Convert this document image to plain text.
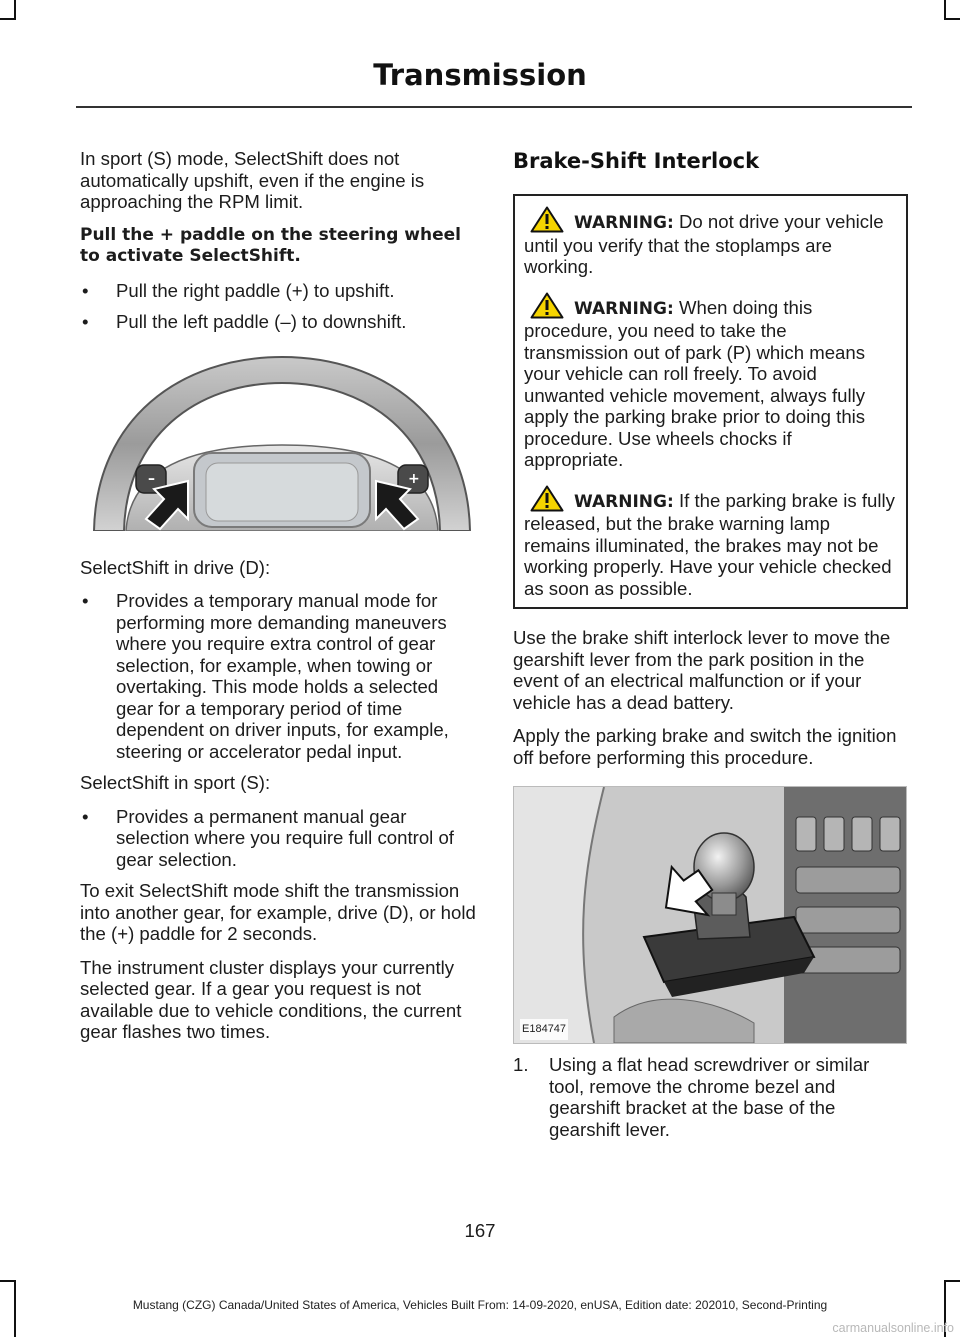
Transmission

In sport (S) mode, SelectShift does not automatically upshift, even if the engine is approaching the RPM limit.

Pull the + paddle on the steering wheel to activate SelectShift.

• Pull the right paddle (+) to upshift.
• Pull the left paddle (–) to downshift.
–	+

SelectShift in drive (D):

• Provides a temporary manual mode for performing more demanding maneuvers where you require extra control of gear selection, for example, when towing or overtaking. This mode holds a selected gear for a temporary period of time dependent on driver inputs, for example, steering or accelerator pedal input.

SelectShift in sport (S):

• Provides a permanent manual gear selection where you require full control of gear selection.

To exit SelectShift mode shift the transmission into another gear, for example, drive (D), or hold the (+) paddle for 2 seconds.

The instrument cluster displays your currently selected gear. If a gear you request is not available due to vehicle conditions, the current gear flashes two times.

Brake-Shift Interlock
WARNING: Do not drive your vehicle until you verify that the stoplamps are working.
WARNING: When doing this procedure, you need to take the transmission out of park (P) which means your vehicle can roll freely. To avoid unwanted vehicle movement, always fully apply the parking brake prior to doing this procedure. Use wheels chocks if appropriate.
WARNING: If the parking brake is fully released, but the brake warning lamp remains illuminated, the brakes may not be working properly. Have your vehicle checked as soon as possible.

Use the brake shift interlock lever to move the gearshift lever from the park position in the event of an electrical malfunction or if your vehicle has a dead battery.

Apply the parking brake and switch the ignition off before performing this procedure.

E184747
1. Using a flat head screwdriver or similar tool, remove the chrome bezel and gearshift bracket at the base of the gearshift lever.
167
Mustang (CZG) Canada/United States of America, Vehicles Built From: 14-09-2020, enUSA, Edition date: 202010, Second-Printing
carmanualsonline.info
